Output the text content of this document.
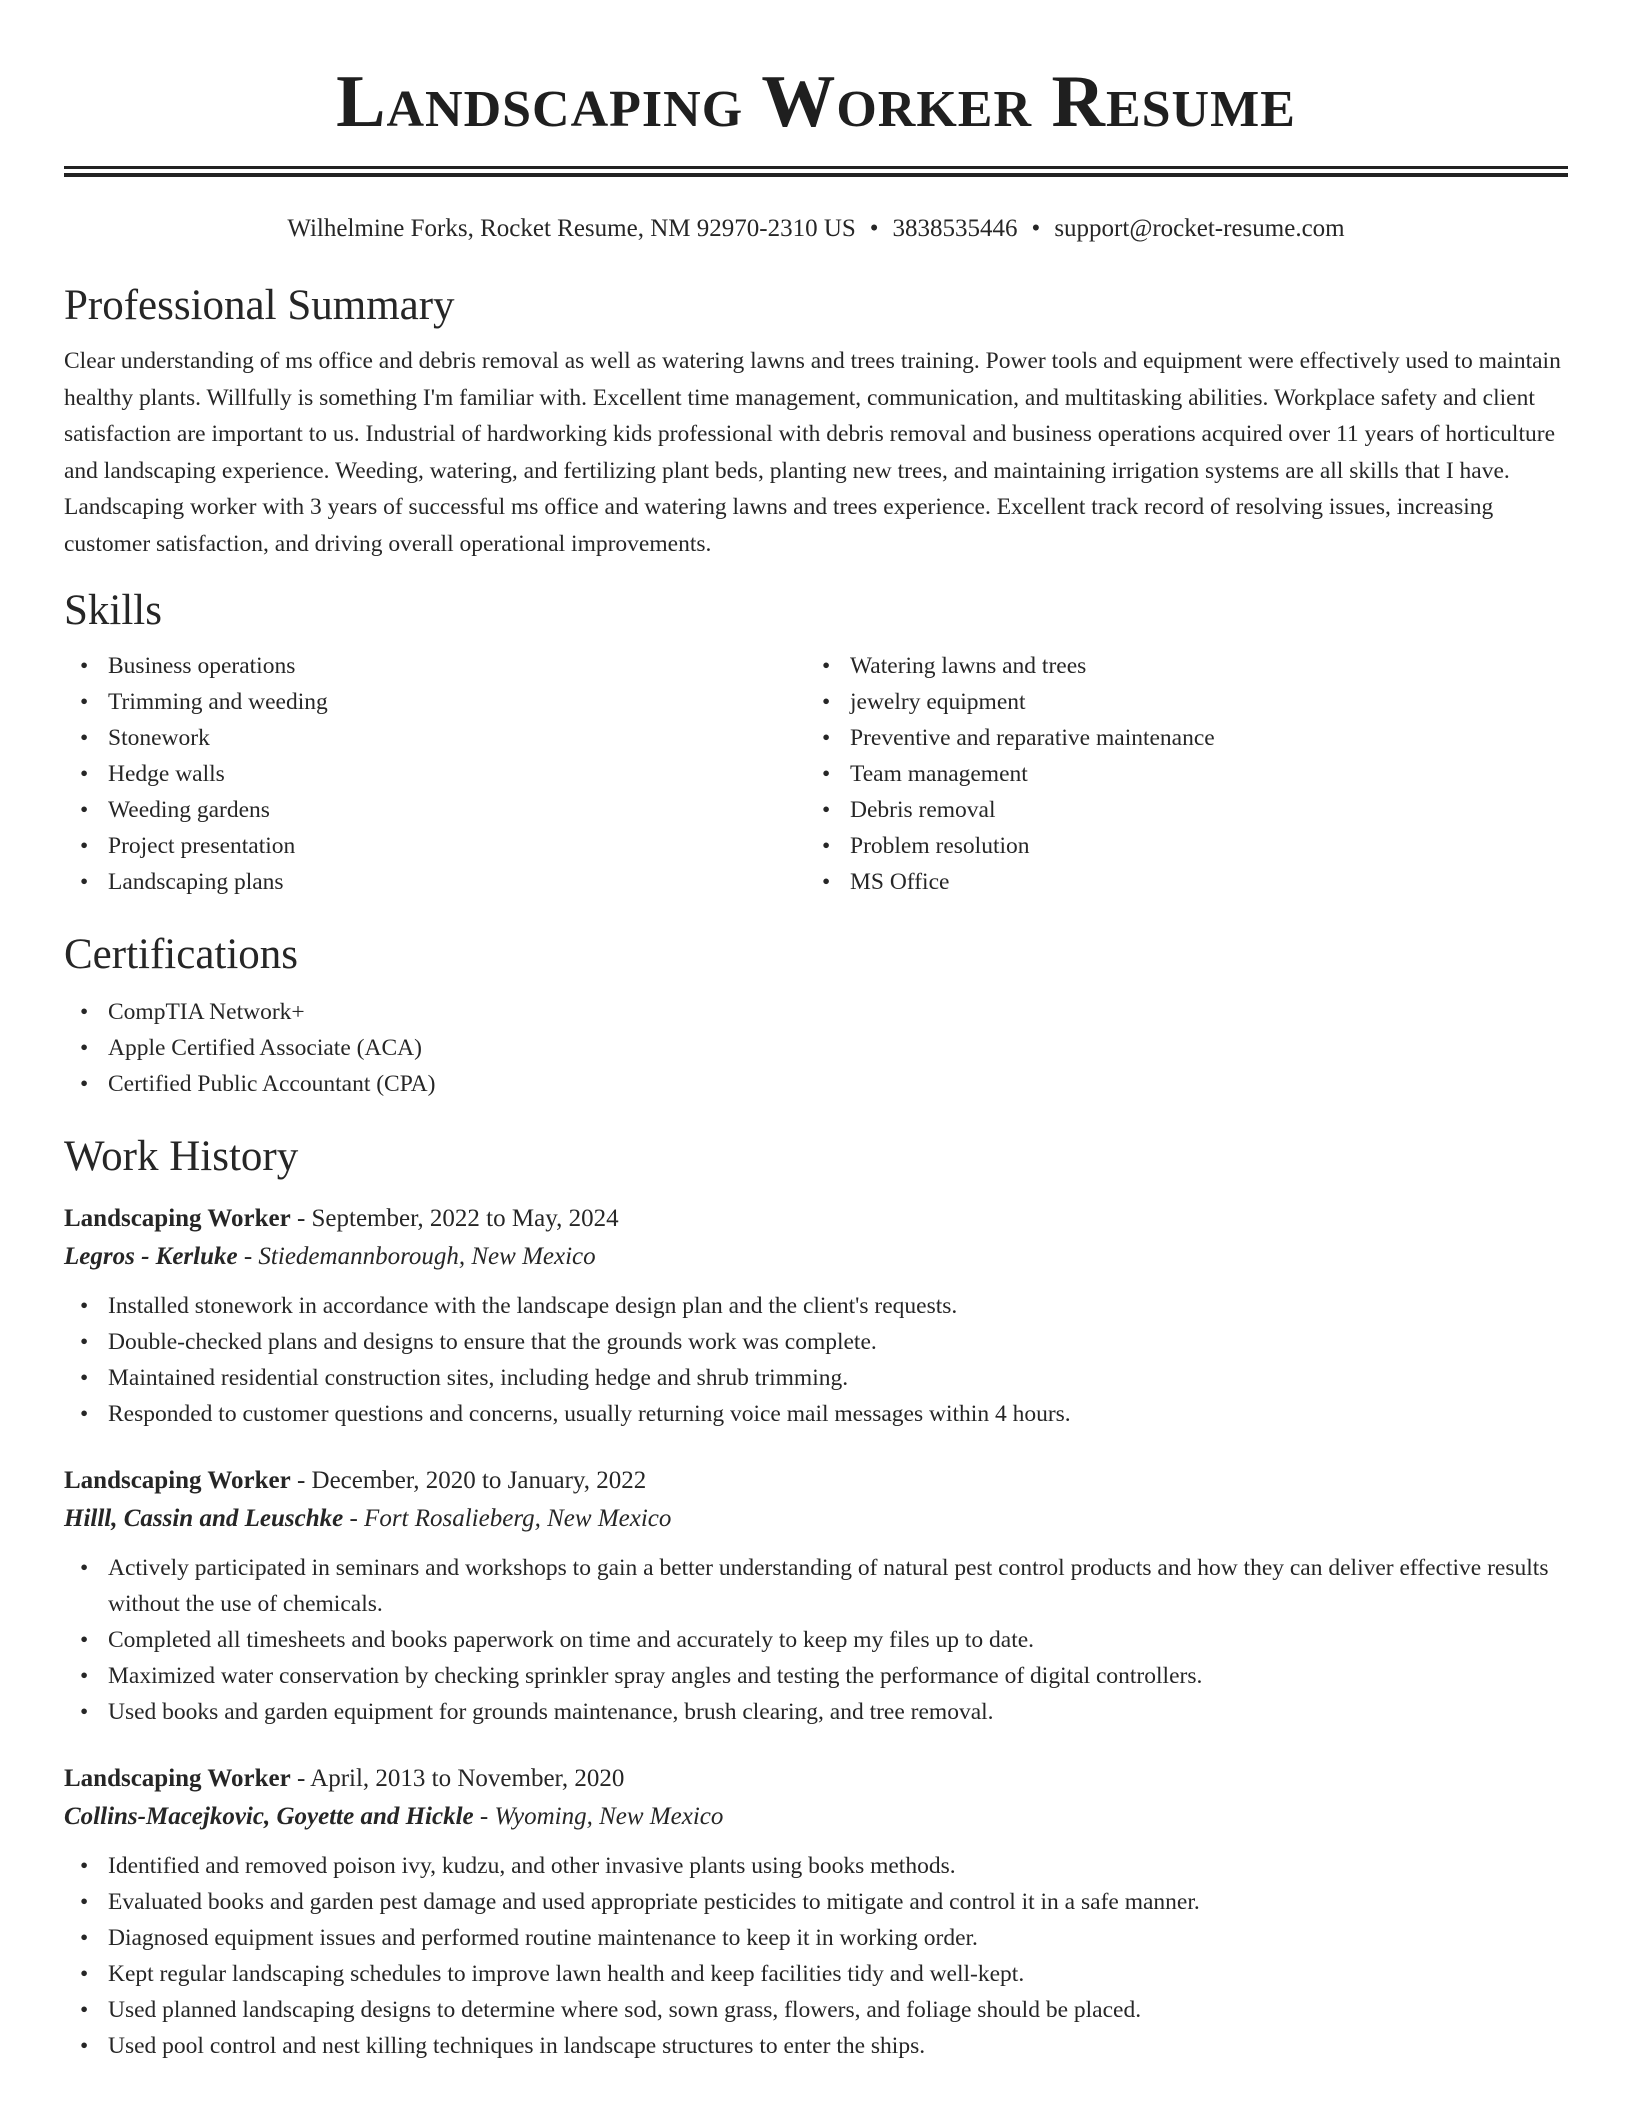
Landscaping Worker Resume
Wilhelmine Forks, Rocket Resume, NM 92970-2310 US • 3838535446 • support@rocket-resume.com
Professional Summary

Clear understanding of ms office and debris removal as well as watering lawns and trees training. Power tools and equipment were effectively used to maintain healthy plants. Willfully is something I'm familiar with. Excellent time management, communication, and multitasking abilities. Workplace safety and client satisfaction are important to us. Industrial of hardworking kids professional with debris removal and business operations acquired over 11 years of horticulture and landscaping experience. Weeding, watering, and fertilizing plant beds, planting new trees, and maintaining irrigation systems are all skills that I have. Landscaping worker with 3 years of successful ms office and watering lawns and trees experience. Excellent track record of resolving issues, increasing customer satisfaction, and driving overall operational improvements.

Skills
• Business operations
• Trimming and weeding
• Stonework
• Hedge walls
• Weeding gardens
• Project presentation
• Landscaping plans
• Watering lawns and trees
• jewelry equipment
• Preventive and reparative maintenance
• Team management
• Debris removal
• Problem resolution
• MS Office
Certifications
• CompTIA Network+
• Apple Certified Associate (ACA)
• Certified Public Accountant (CPA)
Work History
Landscaping Worker - September, 2022 to May, 2024
Legros - Kerluke - Stiedemannborough, New Mexico
• Installed stonework in accordance with the landscape design plan and the client's requests.
• Double-checked plans and designs to ensure that the grounds work was complete.
• Maintained residential construction sites, including hedge and shrub trimming.
• Responded to customer questions and concerns, usually returning voice mail messages within 4 hours.
Landscaping Worker - December, 2020 to January, 2022
Hilll, Cassin and Leuschke - Fort Rosalieberg, New Mexico
• Actively participated in seminars and workshops to gain a better understanding of natural pest control products and how they can deliver effective results without the use of chemicals.
• Completed all timesheets and books paperwork on time and accurately to keep my files up to date.
• Maximized water conservation by checking sprinkler spray angles and testing the performance of digital controllers.
• Used books and garden equipment for grounds maintenance, brush clearing, and tree removal.
Landscaping Worker - April, 2013 to November, 2020
Collins-Macejkovic, Goyette and Hickle - Wyoming, New Mexico
• Identified and removed poison ivy, kudzu, and other invasive plants using books methods.
• Evaluated books and garden pest damage and used appropriate pesticides to mitigate and control it in a safe manner.
• Diagnosed equipment issues and performed routine maintenance to keep it in working order.
• Kept regular landscaping schedules to improve lawn health and keep facilities tidy and well-kept.
• Used planned landscaping designs to determine where sod, sown grass, flowers, and foliage should be placed.
• Used pool control and nest killing techniques in landscape structures to enter the ships.
